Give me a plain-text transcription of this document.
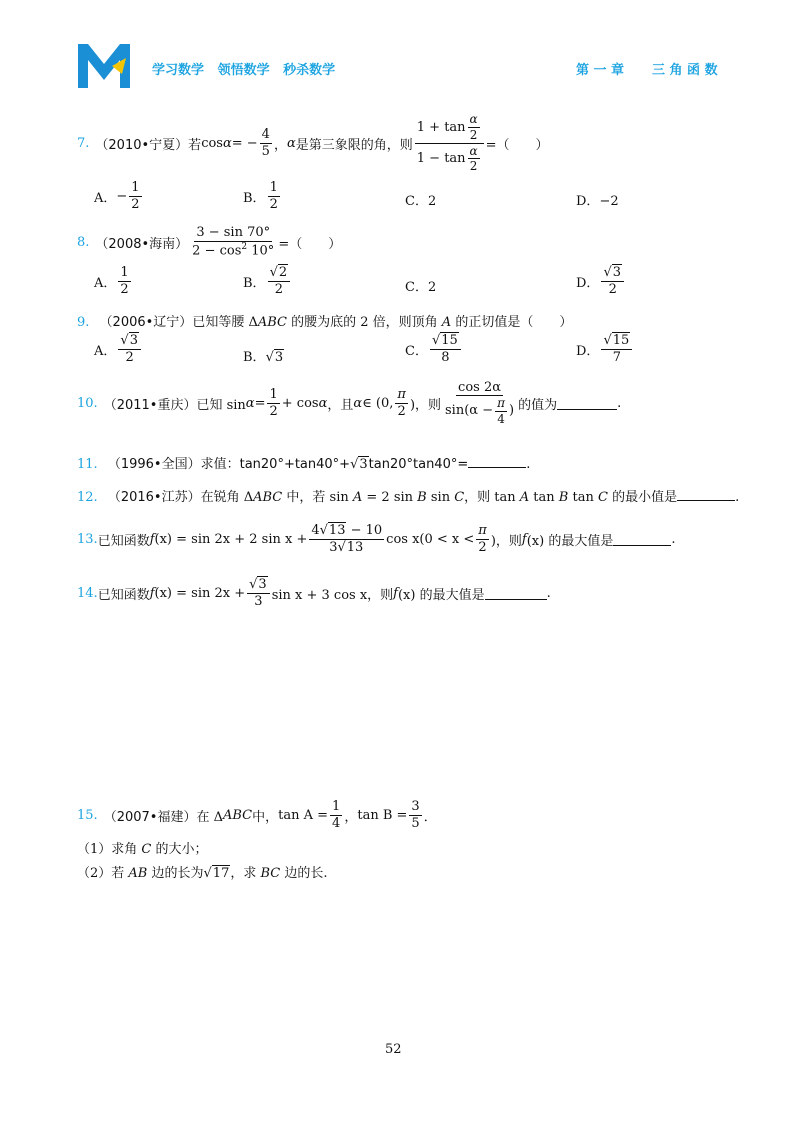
学习数学   领悟数学   秒杀数学	第 一 章 三 角 函 数
7. （2010•宁夏） 若 cos α = − $\frac{4}{5}$ ， α 是第三象限的角，则 $\frac{1 + \tan \frac{\alpha}{2}}{1 - \tan \frac{\alpha}{2}}$ =（　　）
A． − $\frac{1}{2}$	B． $\frac{1}{2}$	C．2	D．−2
8. （2008•海南） $\frac{3 - \sin 70^\circ}{2 - \cos^2 10^\circ}$ =（　　）
A． $\frac{1}{2}$	B． $\frac{√2}{2}$	C．2	D． $\frac{√3}{2}$
9. （2006•辽宁）已知等腰 ΔABC 的腰为底的 2 倍，则顶角 A 的正切值是（　　）
A． $\frac{√3}{2}$	B．√3	C． $\frac{√15}{8}$	D． $\frac{√15}{7}$
10. （2011•重庆） 已知 $\sin \alpha = \frac{1}{2} + \cos \alpha$ ，且 α ∈ (0, $\frac{\pi}{2}$ )，则 $\frac{\cos 2\alpha}{\sin(\alpha - \frac{\pi}{4} )}$ 的值为	.
11. （1996•全国）求值：tan20°+tan40°+√3tan20°tan40°=	.
12. （2016•江苏）在锐角 ΔABC 中，若 sin A = 2 sin B sin C，则 tan A tan B tan C 的最小值是	.
13. 已知函数 f (x) = sin 2x + 2 $\sin x + \frac{4√13 - 10}{3√13}$ $\cos x(0 < x < \frac{\pi}{2}$ )，则 f (x) 的最大值是	.
14. 已知函数 f $(x) = \sin 2x + \frac{√3}{3}$ sin x + 3 cos x，则 f (x) 的最大值是	.
15. （2007•福建） 在 Δ ABC 中， $\tan A = \frac{1}{4}$ ， $\tan B = \frac{3}{5}$ ．
（1）求角 C 的大小；
（2）若 AB 边的长为√17，求 BC 边的长.
52
